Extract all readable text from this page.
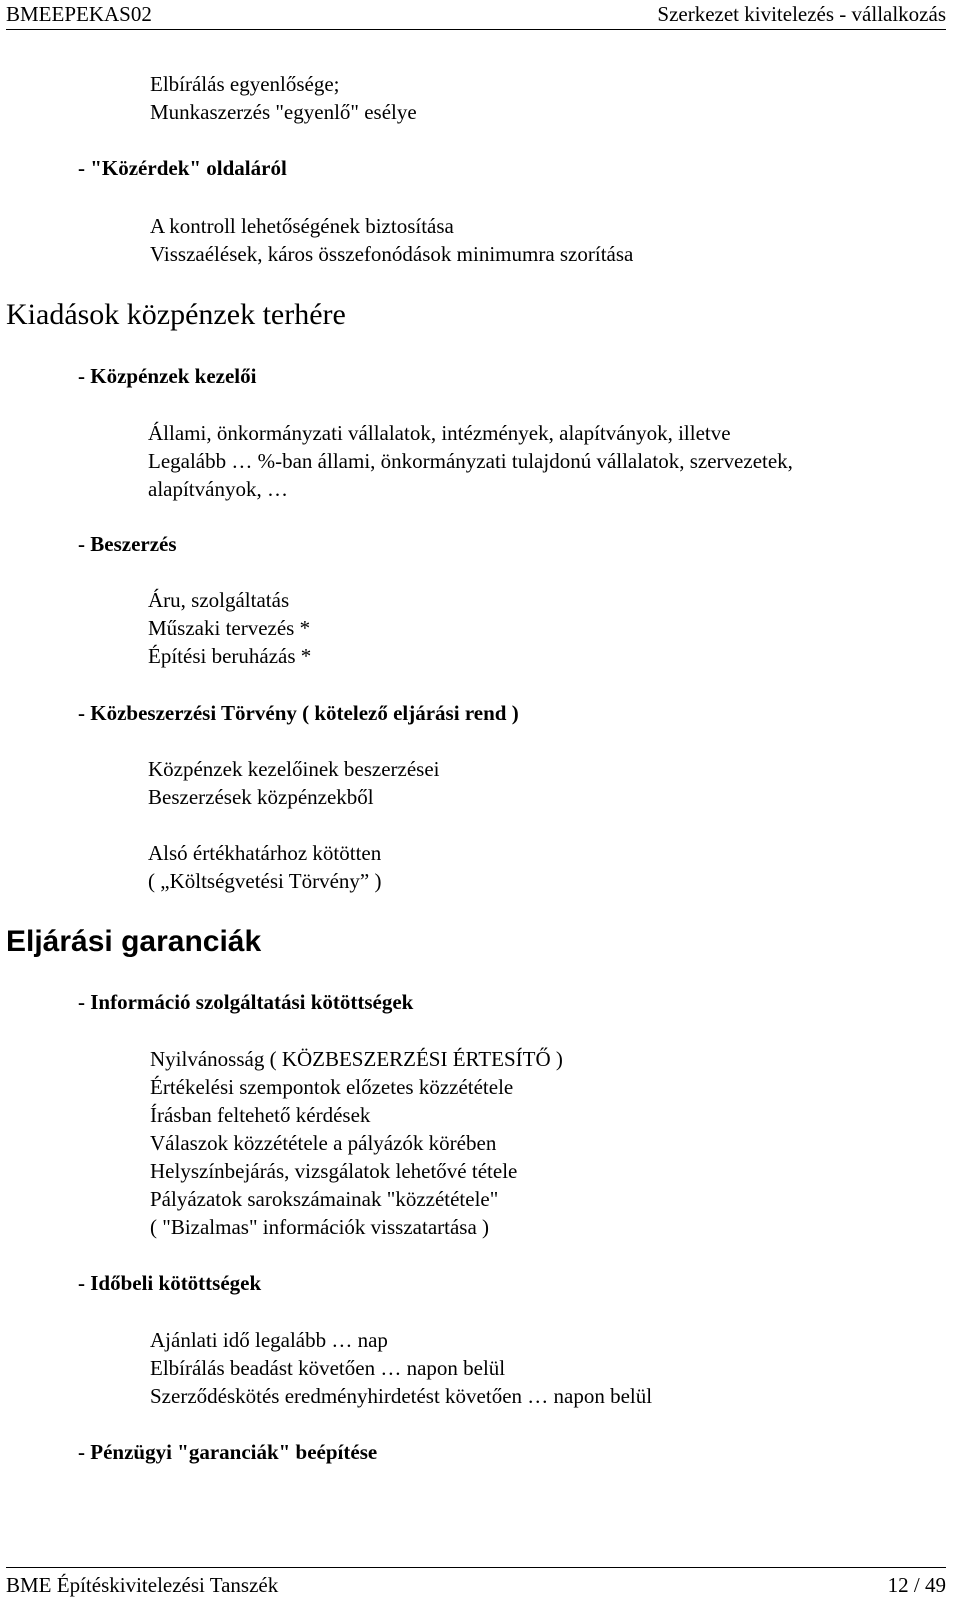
BMEEPEKAS02	Szerkezet kivitelezés - vállalkozás
Elbírálás egyenlősége;
Munkaszerzés "egyenlő" esélye
- "Közérdek" oldaláról
A kontroll lehetőségének biztosítása
Visszaélések, káros összefonódások minimumra szorítása
Kiadások közpénzek terhére
- Közpénzek kezelői
Állami, önkormányzati vállalatok, intézmények, alapítványok, illetve
Legalább … %-ban állami, önkormányzati tulajdonú vállalatok, szervezetek,
alapítványok, …
- Beszerzés
Áru, szolgáltatás
Műszaki tervezés *
Építési beruházás *
- Közbeszerzési Törvény ( kötelező eljárási rend )
Közpénzek kezelőinek beszerzései
Beszerzések közpénzekből
Alsó értékhatárhoz kötötten
( „Költségvetési Törvény” )
Eljárási garanciák
- Információ szolgáltatási kötöttségek
Nyilvánosság ( KÖZBESZERZÉSI ÉRTESÍTŐ )
Értékelési szempontok előzetes közzététele
Írásban feltehető kérdések
Válaszok közzététele a pályázók körében
Helyszínbejárás, vizsgálatok lehetővé tétele
Pályázatok sarokszámainak "közzététele"
( "Bizalmas" információk visszatartása )
- Időbeli kötöttségek
Ajánlati idő legalább … nap
Elbírálás beadást követően … napon belül
Szerződéskötés eredményhirdetést követően … napon belül
- Pénzügyi "garanciák" beépítése
BME Építéskivitelezési Tanszék	12 / 49
